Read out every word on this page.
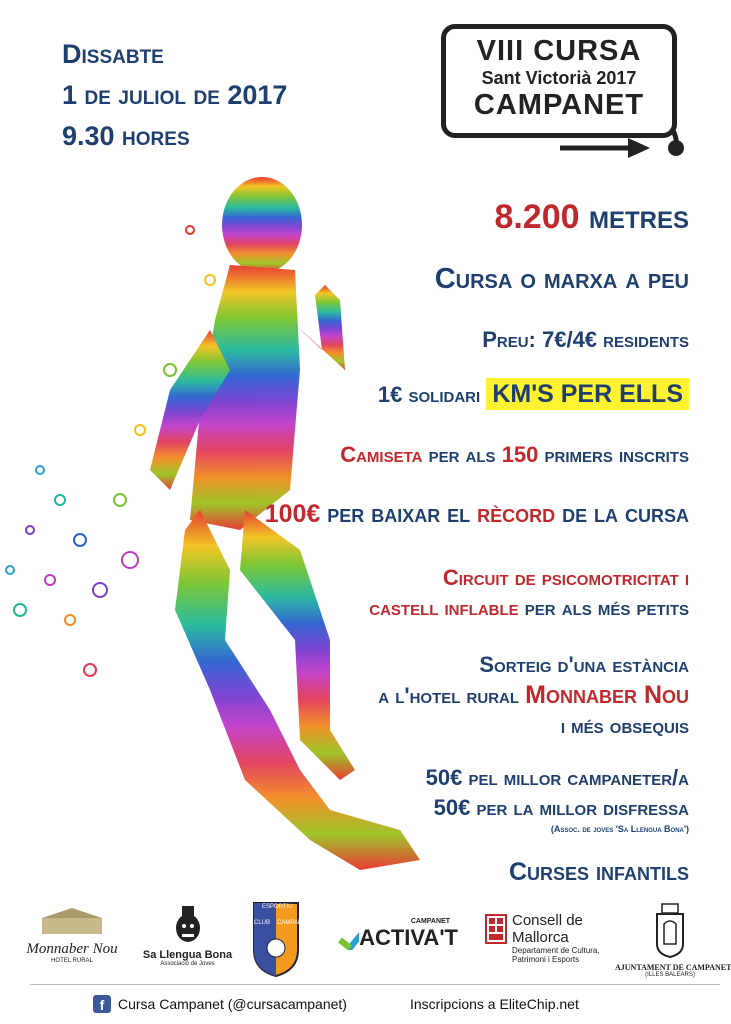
Dissabte
1 de juliol de 2017
9.30 hores
VIII CURSA
Sant Victorià 2017
CAMPANET
8.200 metres
Cursa o marxa a peu
Preu: 7€/4€ residents
1€ solidari KM'S PER ELLS
Camiseta per als 150 primers inscrits
100€ per baixar el rècord de la cursa
Circuit de psicomotricitat i
castell inflable per als més petits
Sorteig d'una estància
a l'hotel rural Monnaber Nou
i més obsequis
50€ pel millor campaneter/a
50€ per la millor disfressa
(Assoc. de joves 'Sa Llengua Bona')
Curses infantils
Monnaber Nou
HOTEL RURAL	Sa Llengua Bona
Associació de Joves
ESPORTIU
CLUB CAMPANET	CAMPANET
ACTIVA'T
Consell de
Mallorca
Departament de Cultura,
Patrimoni i Esports
AJUNTAMENT DE CAMPANET
(ILLES BALEARS)
f Cursa Campanet (@cursacampanet)	Inscripcions a EliteChip.net
